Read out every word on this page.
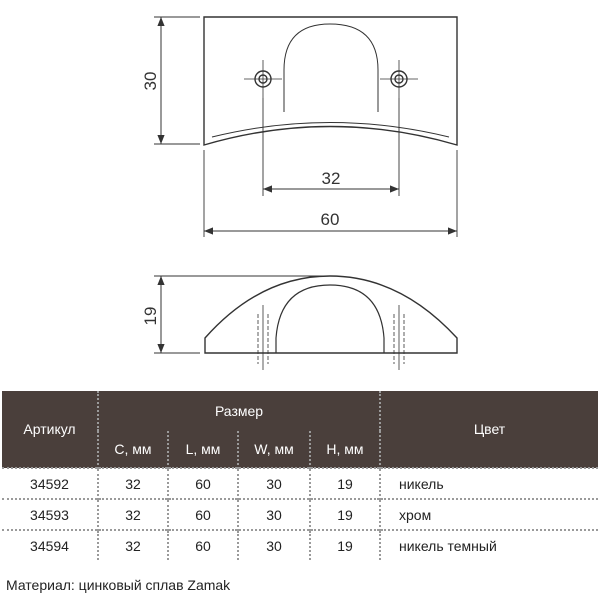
30
32
60
19
Артикул	Размер				Цвет
	С, мм	L, мм	W, мм	H, мм	
34592	32	60	30	19	никель
34593	32	60	30	19	хром
34594	32	60	30	19	никель темный
Материал: цинковый сплав Zamak
